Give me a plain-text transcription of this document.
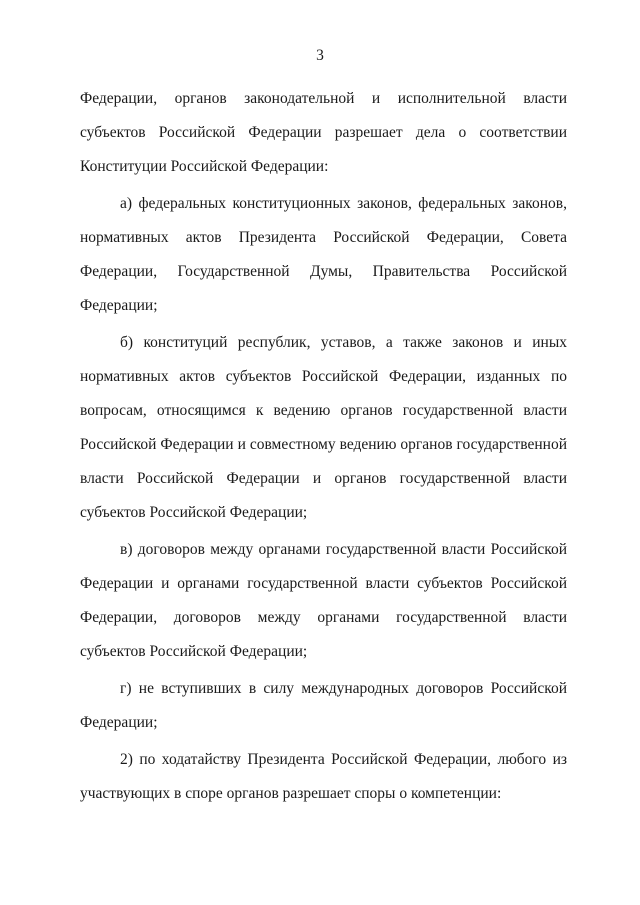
3

Федерации, органов законодательной и исполнительной власти субъектов Российской Федерации разрешает дела о соответствии Конституции Российской Федерации:

а) федеральных конституционных законов, федеральных законов, нормативных актов Президента Российской Федерации, Совета Федерации, Государственной Думы, Правительства Российской Федерации;

б) конституций республик, уставов, а также законов и иных нормативных актов субъектов Российской Федерации, изданных по вопросам, относящимся к ведению органов государственной власти Российской Федерации и совместному ведению органов государственной власти Российской Федерации и органов государственной власти субъектов Российской Федерации;

в) договоров между органами государственной власти Российской Федерации и органами государственной власти субъектов Российской Федерации, договоров между органами государственной власти субъектов Российской Федерации;

г) не вступивших в силу международных договоров Российской Федерации;

2) по ходатайству Президента Российской Федерации, любого из участвующих в споре органов разрешает споры о компетенции:
